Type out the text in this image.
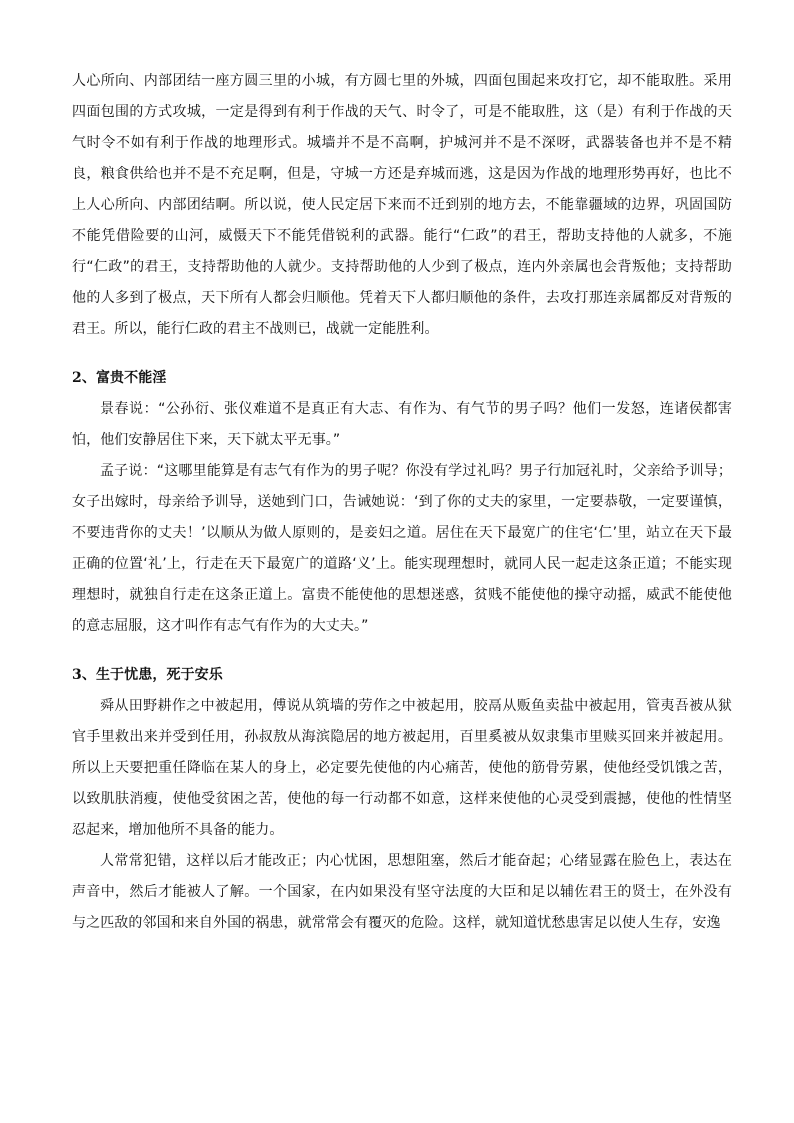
人心所向、内部团结一座方圆三里的小城，有方圆七里的外城，四面包围起来攻打它，却不能取胜。采用四面包围的方式攻城，一定是得到有利于作战的天气、时令了，可是不能取胜，这（是）有利于作战的天气时令不如有利于作战的地理形式。城墙并不是不高啊，护城河并不是不深呀，武器装备也并不是不精良，粮食供给也并不是不充足啊，但是，守城一方还是弃城而逃，这是因为作战的地理形势再好，也比不上人心所向、内部团结啊。所以说，使人民定居下来而不迁到别的地方去，不能靠疆域的边界，巩固国防不能凭借险要的山河，威慑天下不能凭借锐利的武器。能行“仁政”的君王，帮助支持他的人就多，不施行“仁政”的君王，支持帮助他的人就少。支持帮助他的人少到了极点，连内外亲属也会背叛他；支持帮助他的人多到了极点，天下所有人都会归顺他。凭着天下人都归顺他的条件，去攻打那连亲属都反对背叛的君王。所以，能行仁政的君主不战则已，战就一定能胜利。

2、富贵不能淫

景春说：“公孙衍、张仪难道不是真正有大志、有作为、有气节的男子吗？他们一发怒，连诸侯都害怕，他们安静居住下来，天下就太平无事。”

孟子说：“这哪里能算是有志气有作为的男子呢？你没有学过礼吗？男子行加冠礼时，父亲给予训导；女子出嫁时，母亲给予训导，送她到门口，告诫她说：‘到了你的丈夫的家里，一定要恭敬，一定要谨慎，不要违背你的丈夫！’以顺从为做人原则的，是妾妇之道。居住在天下最宽广的住宅‘仁’里，站立在天下最正确的位置‘礼’上，行走在天下最宽广的道路‘义’上。能实现理想时，就同人民一起走这条正道；不能实现理想时，就独自行走在这条正道上。富贵不能使他的思想迷惑，贫贱不能使他的操守动摇，威武不能使他的意志屈服，这才叫作有志气有作为的大丈夫。”

3、生于忧患，死于安乐

舜从田野耕作之中被起用，傅说从筑墙的劳作之中被起用，胶鬲从贩鱼卖盐中被起用，管夷吾被从狱官手里救出来并受到任用，孙叔敖从海滨隐居的地方被起用，百里奚被从奴隶集市里赎买回来并被起用。所以上天要把重任降临在某人的身上，必定要先使他的内心痛苦，使他的筋骨劳累，使他经受饥饿之苦，以致肌肤消瘦，使他受贫困之苦，使他的每一行动都不如意，这样来使他的心灵受到震撼，使他的性情坚忍起来，增加他所不具备的能力。

人常常犯错，这样以后才能改正；内心忧困，思想阻塞，然后才能奋起；心绪显露在脸色上，表达在声音中，然后才能被人了解。一个国家，在内如果没有坚守法度的大臣和足以辅佐君王的贤士，在外没有与之匹敌的邻国和来自外国的祸患，就常常会有覆灭的危险。这样，就知道忧愁患害足以使人生存，安逸
